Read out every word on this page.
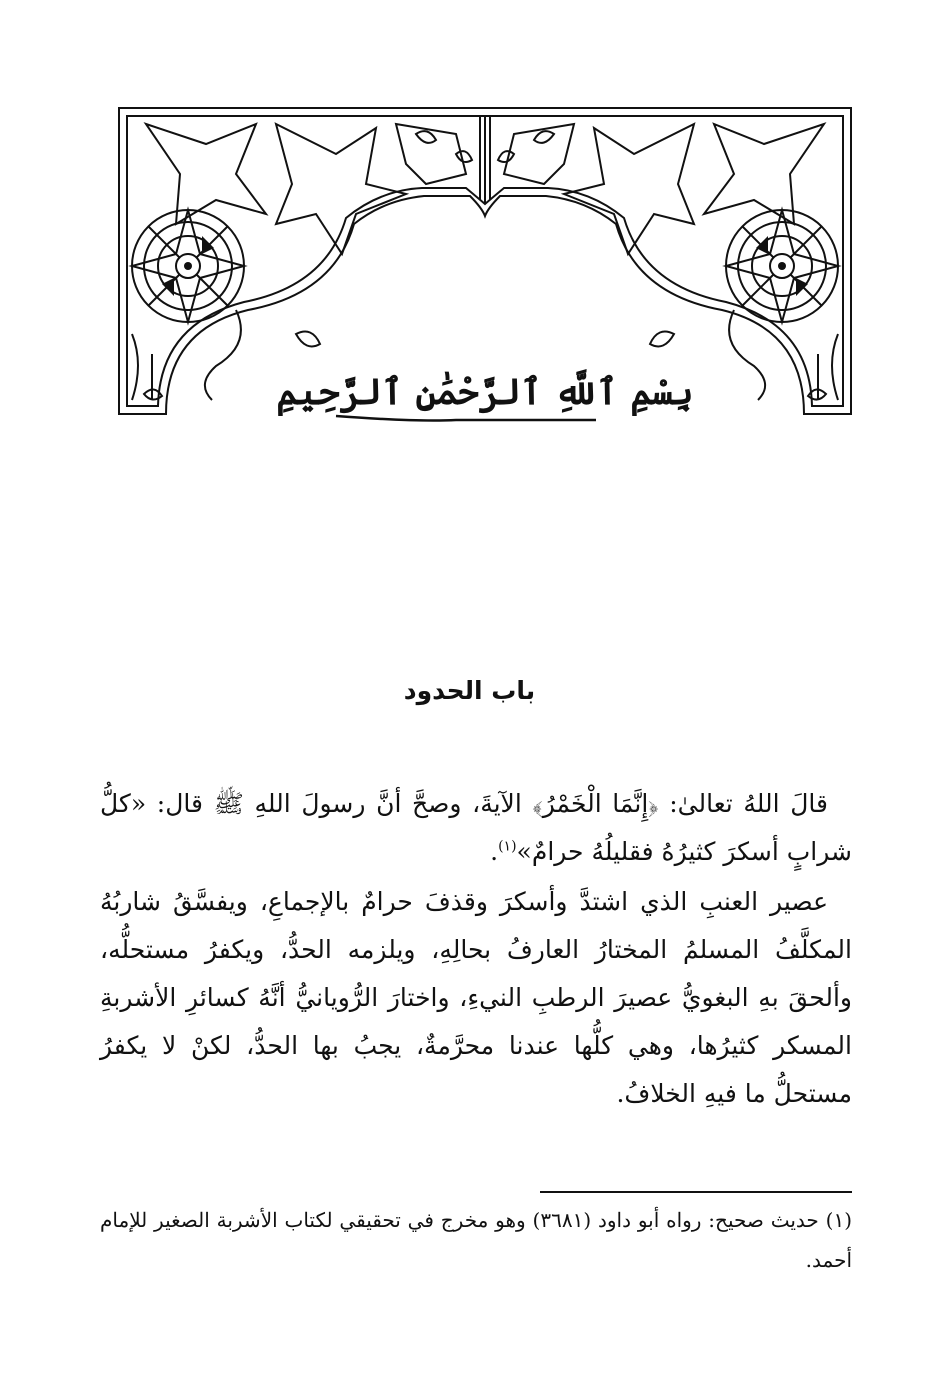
بِسْمِ ٱللَّهِ ٱلرَّحْمَٰنِ ٱلرَّحِيمِ
باب الحدود

قالَ اللهُ تعالىٰ: ﴿إِنَّمَا الْخَمْرُ﴾ الآيةَ، وصحَّ أنَّ رسولَ اللهِ ﷺ قال: «كلُّ شرابٍ أسكرَ كثيرُهُ فقليلُهُ حرامٌ»$^{(١)}$.

عصير العنبِ الذي اشتدَّ وأسكرَ وقذفَ حرامٌ بالإجماعِ، ويفسَّقُ شاربُهُ المكلَّفُ المسلمُ المختارُ العارفُ بحالِهِ، ويلزمه الحدُّ، ويكفرُ مستحلُّه، وألحقَ بهِ البغويُّ عصيرَ الرطبِ النيءِ، واختارَ الرُّويانيُّ أنَّهُ كسائرِ الأشربةِ المسكر كثيرُها، وهي كلُّها عندنا محرَّمةٌ، يجبُ بها الحدُّ، لكنْ لا يكفرُ مستحلُّ ما فيهِ الخلافُ.

(١) حديث صحيح: رواه أبو داود (٣٦٨١) وهو مخرج في تحقيقي لكتاب الأشربة الصغير للإمام أحمد.
